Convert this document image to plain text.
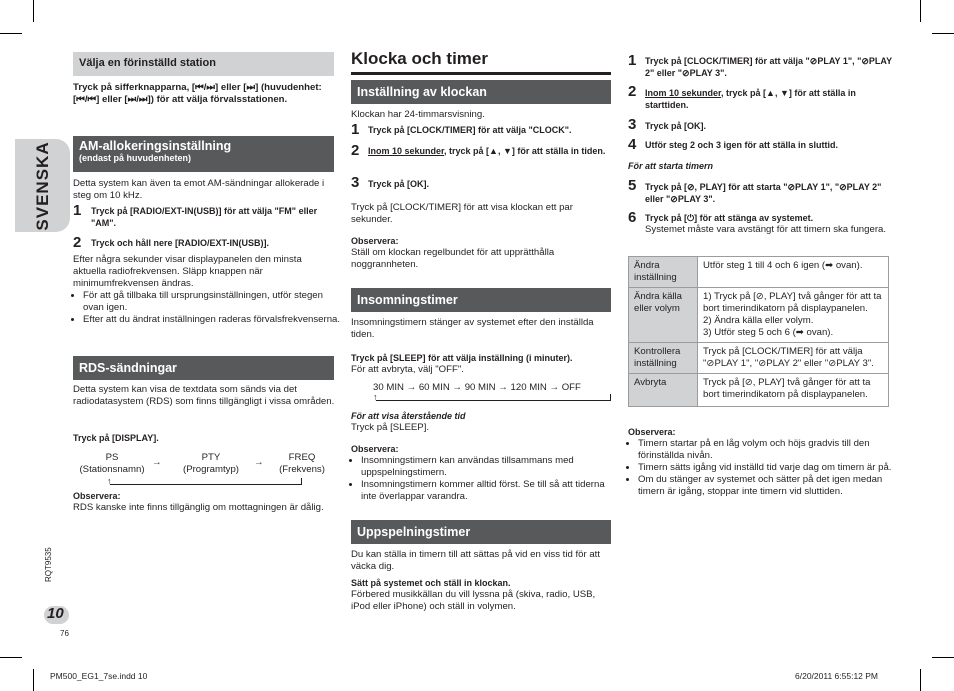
SVENSKA
RQT9535
10
76
Välja en förinställd station
Tryck på sifferknapparna, [⏮/⏭] eller [⏭] (huvudenhet: [⏮/⏮] eller [⏭/⏭]) för att välja förvalsstationen.
AM-allokeringsinställning
(endast på huvudenheten)
Detta system kan även ta emot AM-sändningar allokerade i steg om 10 kHz.
1 Tryck på [RADIO/EXT-IN(USB)] för att välja "FM" eller "AM".
2 Tryck och håll nere [RADIO/EXT-IN(USB)].
Efter några sekunder visar displaypanelen den minsta aktuella radiofrekvensen. Släpp knappen när minimumfrekvensen ändras.
• För att gå tillbaka till ursprungsinställningen, utför stegen ovan igen.
• Efter att du ändrat inställningen raderas förvalsfrekvenserna.
RDS-sändningar
Detta system kan visa de textdata som sänds via det radiodatasystem (RDS) som finns tillgängligt i vissa områden.
Tryck på [DISPLAY].
PS
(Stationsnamn)
→	PTY
(Programtyp)
→	FREQ
(Frekvens)
↑
Observera:
RDS kanske inte finns tillgänglig om mottagningen är dålig.
Klocka och timer
Inställning av klockan
Klockan har 24-timmarsvisning.
1 Tryck på [CLOCK/TIMER] för att välja "CLOCK".
2 Inom 10 sekunder, tryck på [▲, ▼] för att ställa in tiden.
3 Tryck på [OK].
Tryck på [CLOCK/TIMER] för att visa klockan ett par sekunder.
Observera:
Ställ om klockan regelbundet för att upprätthålla noggrannheten.
Insomningstimer
Insomningstimern stänger av systemet efter den inställda tiden.
Tryck på [SLEEP] för att välja inställning (i minuter).
För att avbryta, välj "OFF".
30 MIN → 60 MIN → 90 MIN → 120 MIN → OFF
↑
För att visa återstående tid
Tryck på [SLEEP].
Observera:
• Insomningstimern kan användas tillsammans med uppspelningstimern.
• Insomningstimern kommer alltid först. Se till så att tiderna inte överlappar varandra.
Uppspelningstimer
Du kan ställa in timern till att sättas på vid en viss tid för att väcka dig.
Sätt på systemet och ställ in klockan.
Förbered musikkällan du vill lyssna på (skiva, radio, USB, iPod eller iPhone) och ställ in volymen.
1 Tryck på [CLOCK/TIMER] för att välja "⊘PLAY 1", "⊘PLAY 2" eller "⊘PLAY 3".
2 Inom 10 sekunder, tryck på [▲, ▼] för att ställa in starttiden.
3 Tryck på [OK].
4 Utför steg 2 och 3 igen för att ställa in sluttid.
För att starta timern
5 Tryck på [⊘, PLAY] för att starta "⊘PLAY 1", "⊘PLAY 2" eller "⊘PLAY 3".
6 Tryck på [⏻] för att stänga av systemet.
Systemet måste vara avstängt för att timern ska fungera.
Ändra inställning	Utför steg 1 till 4 och 6 igen (➡ ovan).
Ändra källa eller volym	1) Tryck på [⊘, PLAY] två gånger för att ta bort timerindikatorn på displaypanelen.
2) Ändra källa eller volym.
3) Utför steg 5 och 6 (➡ ovan).

Kontrollera inställning	Tryck på [CLOCK/TIMER] för att välja "⊘PLAY 1", "⊘PLAY 2" eller "⊘PLAY 3".
Avbryta	Tryck på [⊘, PLAY] två gånger för att ta bort timerindikatorn på displaypanelen.
Observera:
• Timern startar på en låg volym och höjs gradvis till den förinställda nivån.
• Timern sätts igång vid inställd tid varje dag om timern är på.
• Om du stänger av systemet och sätter på det igen medan timern är igång, stoppar inte timern vid sluttiden.
PM500_EG1_7se.indd 10	6/20/2011 6:55:12 PM
